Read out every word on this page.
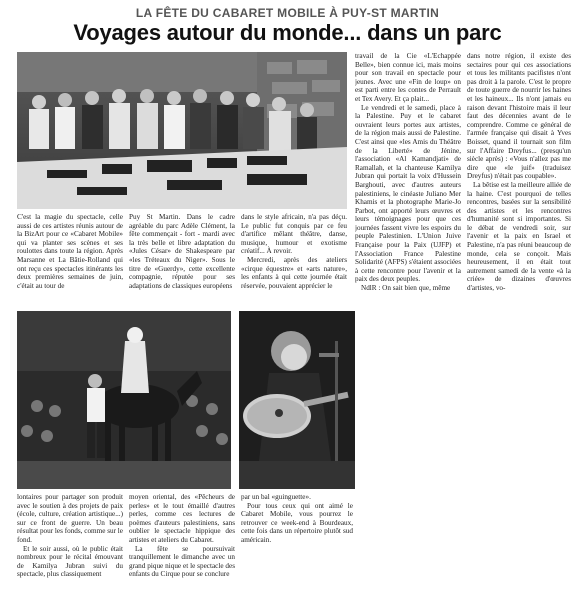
LA FÊTE DU CABARET MOBILE À PUY-ST MARTIN
Voyages autour du monde... dans un parc

C'est la magie du spectacle, celle aussi de ces artistes réunis autour de la BizArt pour ce «Cabaret Mobile» qui va planter ses scènes et ses roulottes dans toute la région. Après Marsanne et La Bâtie-Rolland qui ont reçu ces spectacles itinérants les deux premières semaines de juin, c'était au tour de

Puy St Martin. Dans le cadre agréable du parc Adèle Clément, la fête commençait - fort - mardi avec la très belle et libre adaptation du «Jules César» de Shakespeare par «les Tréteaux du Niger». Sous le titre de «Guerdy», cette excellente compagnie, réputée pour ses adaptations de classiques européens

dans le style africain, n'a pas déçu. Le public fut conquis par ce feu d'artifice mêlant théâtre, danse, musique, humour et exotisme créatif... À revoir.

Mercredi, après des ateliers «cirque équestre» et «arts nature», les enfants à qui cette journée était réservée, pouvaient apprécier le

travail de la Cie «L'Echappée Belle», bien connue ici, mais moins pour son travail en spectacle pour jeunes. Avec une «Fin de loup» on est parti entre les contes de Perrault et Tex Avery. Et ça plait...

Le vendredi et le samedi, place à la Palestine. Puy et le cabaret ouvraient leurs portes aux artistes, de la région mais aussi de Palestine. C'est ainsi que «les Amis du Théâtre de la Liberté» de Jénine, l'association «Al Kamandjati» de Ramallah, et la chanteuse Kamilya Jubran qui portait la voix d'Hussein Barghouti, avec d'autres auteurs palestiniens, le cinéaste Juliano Mer Khamis et la photographe Marie-Jo Parbot, ont apporté leurs œuvres et leurs témoignages pour que ces journées fassent vivre les espoirs du peuple Palestinien. L'Union Juive Française pour la Paix (UJFP) et l'Association France Palestine Solidarité (AFPS) s'étaient associées à cette rencontre pour l'avenir et la paix des deux peuples.

NdlR : On sait bien que, même

dans notre région, il existe des sectaires pour qui ces associations et tous les militants pacifistes n'ont pas droit à la parole. C'est le propre de toute guerre de nourrir les haines et les haineux... Ils n'ont jamais eu raison devant l'histoire mais il leur faut des décennies avant de le comprendre. Comme ce général de l'armée française qui disait à Yves Boisset, quand il tournait son film sur l'Affaire Dreyfus... (presqu'un siècle après) : «Vous n'allez pas me dire que «le juif» (traduisez Dreyfus) n'était pas coupable».

La bêtise est la meilleure alliée de la haine. C'est pourquoi de telles rencontres, basées sur la sensibilité des artistes et les rencontres d'humanité sont si importantes. Si le débat de vendredi soir, sur l'avenir et la paix en Israel et Palestine, n'a pas réuni beaucoup de monde, cela se conçoit. Mais heureusement, il en était tout autrement samedi de la vente «à la criée» de dizaines d'œuvres d'artistes, vo-

lontaires pour partager son produit avec le soutien à des projets de paix (école, culture, création artistique...) sur ce front de guerre. Un beau résultat pour les fonds, comme sur le fond.

Et le soir aussi, où le public était nombreux pour le récital émouvant de Kamilya Jubran suivi du spectacle, plus classiquement

moyen oriental, des «Pêcheurs de perles» et le tout émaillé d'autres perles, comme ces lectures de poèmes d'auteurs palestiniens, sans oublier le spectacle hippique des artistes et ateliers du Cabaret.

La fête se poursuivait tranquillement le dimanche avec un grand pique nique et le spectacle des enfants du Cirque pour se conclure

par un bal «guinguette».

Pour tous ceux qui ont aimé le Cabaret Mobile, vous pourrez le retrouver ce week-end à Bourdeaux, cette fois dans un répertoire plutôt sud américain.
